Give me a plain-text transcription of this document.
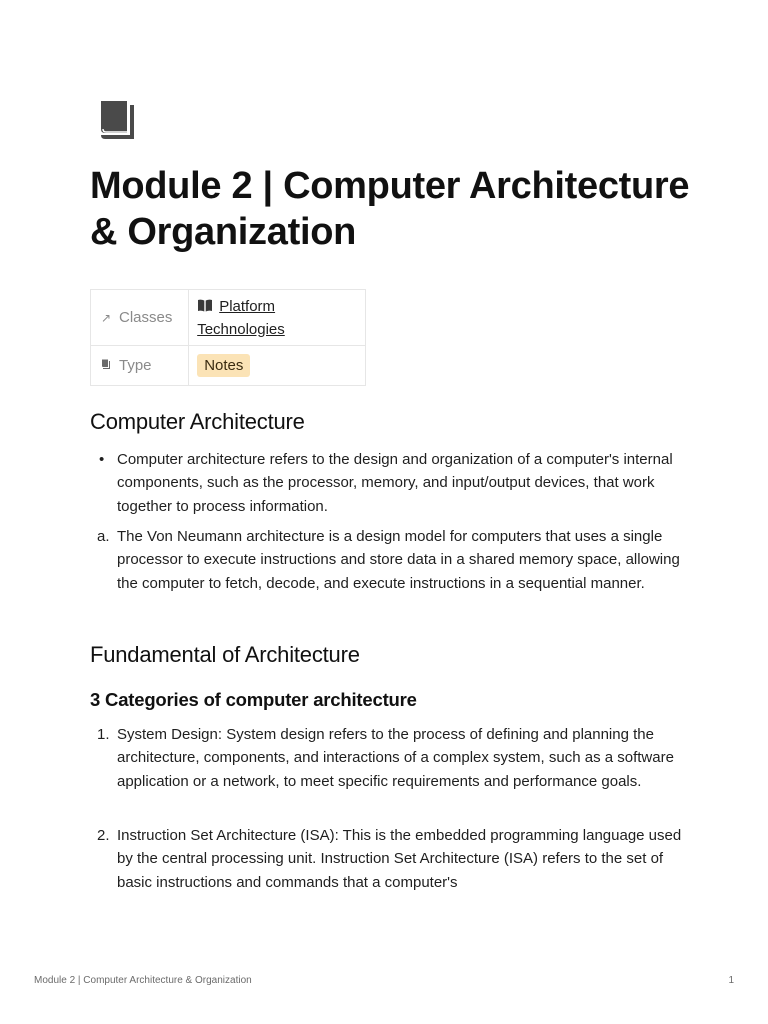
Module 2 | Computer Architecture & Organization
↗ Classes	Platform Technologies
Type	Notes
Computer Architecture
• Computer architecture refers to the design and organization of a computer's internal components, such as the processor, memory, and input/output devices, that work together to process information.

a. The Von Neumann architecture is a design model for computers that uses a single processor to execute instructions and store data in a shared memory space, allowing the computer to fetch, decode, and execute instructions in a sequential manner.

Fundamental of Architecture
3 Categories of computer architecture
1. System Design: System design refers to the process of defining and planning the architecture, components, and interactions of a complex system, such as a software application or a network, to meet specific requirements and performance goals.

2. Instruction Set Architecture (ISA): This is the embedded programming language used by the central processing unit. Instruction Set Architecture (ISA) refers to the set of basic instructions and commands that a computer's

Module 2 | Computer Architecture & Organization	1
